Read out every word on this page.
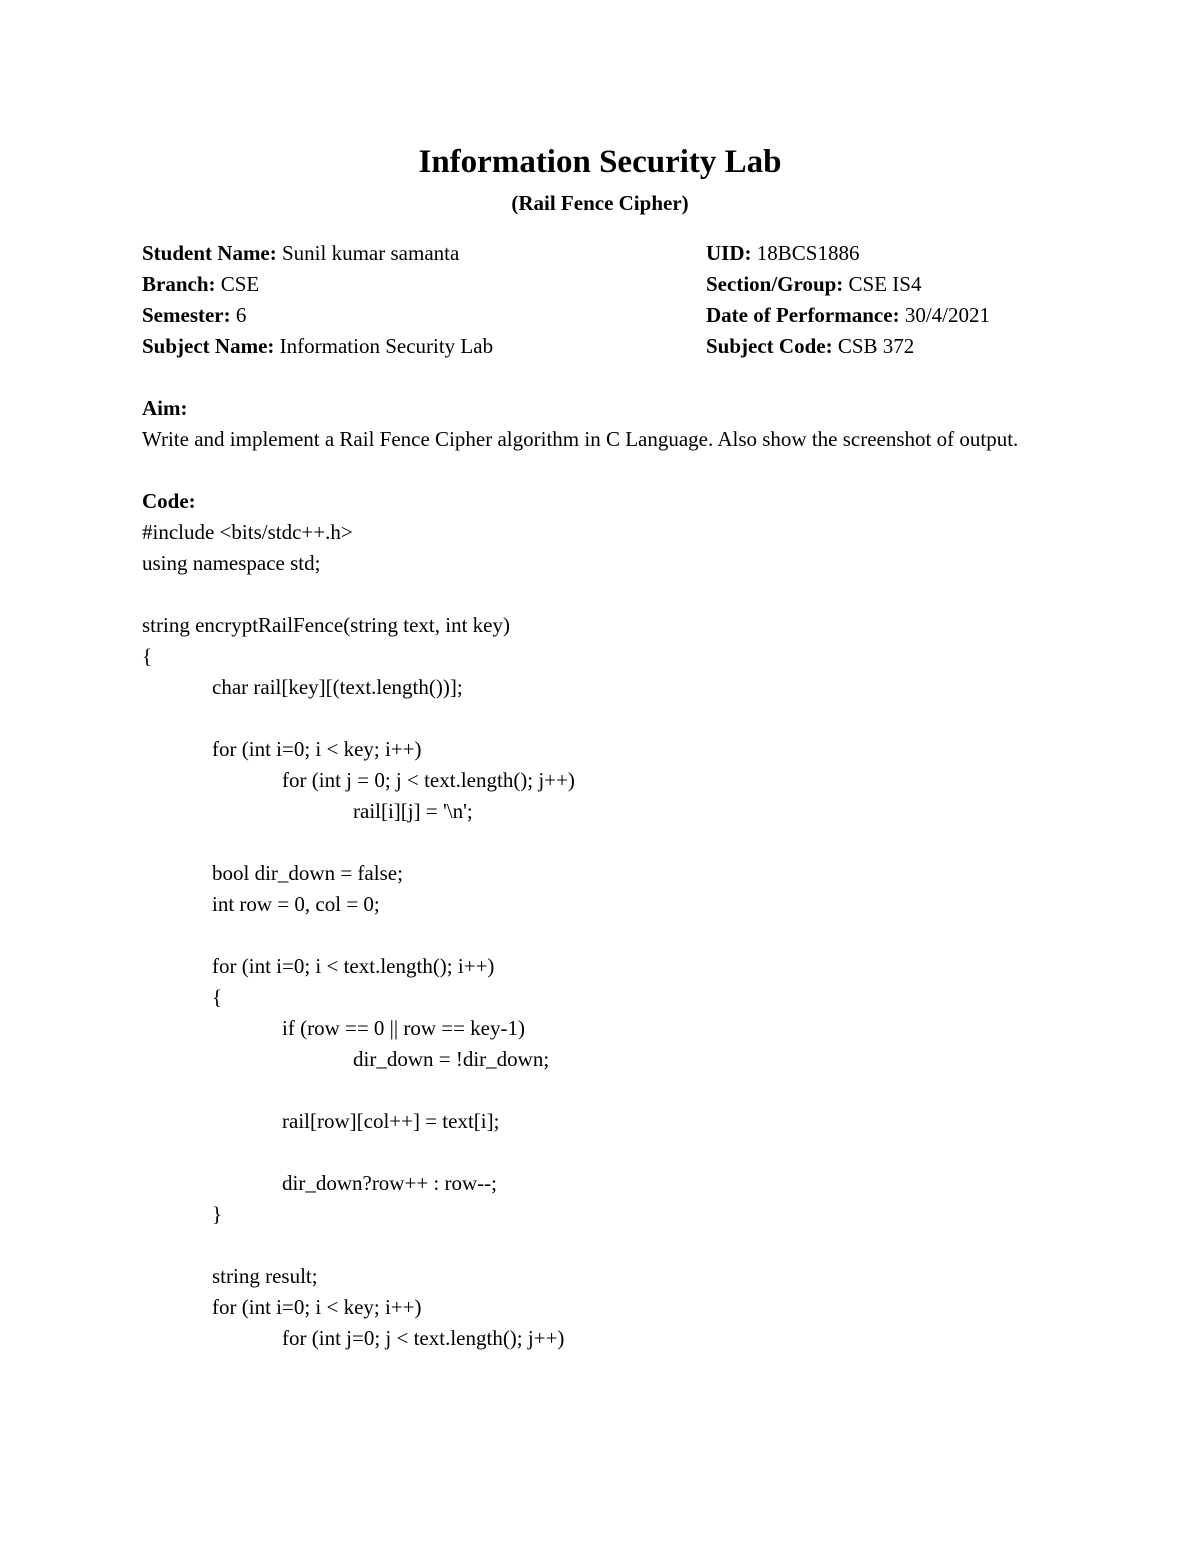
Information Security Lab
(Rail Fence Cipher)
Student Name: Sunil kumar samanta
Branch: CSE
Semester: 6
Subject Name: Information Security Lab
UID: 18BCS1886
Section/Group: CSE IS4
Date of Performance: 30/4/2021
Subject Code: CSB 372
Aim:
Write and implement a Rail Fence Cipher algorithm in C Language. Also show the screenshot of output.
Code:
#include <bits/stdc++.h>
using namespace std;
string encryptRailFence(string text, int key)
{
char rail[key][(text.length())];
for (int i=0; i < key; i++)
for (int j = 0; j < text.length(); j++)
rail[i][j] = '\n';
bool dir_down = false;
int row = 0, col = 0;
for (int i=0; i < text.length(); i++)
{
if (row == 0 || row == key-1)
dir_down = !dir_down;
rail[row][col++] = text[i];
dir_down?row++ : row--;
}
string result;
for (int i=0; i < key; i++)
for (int j=0; j < text.length(); j++)
